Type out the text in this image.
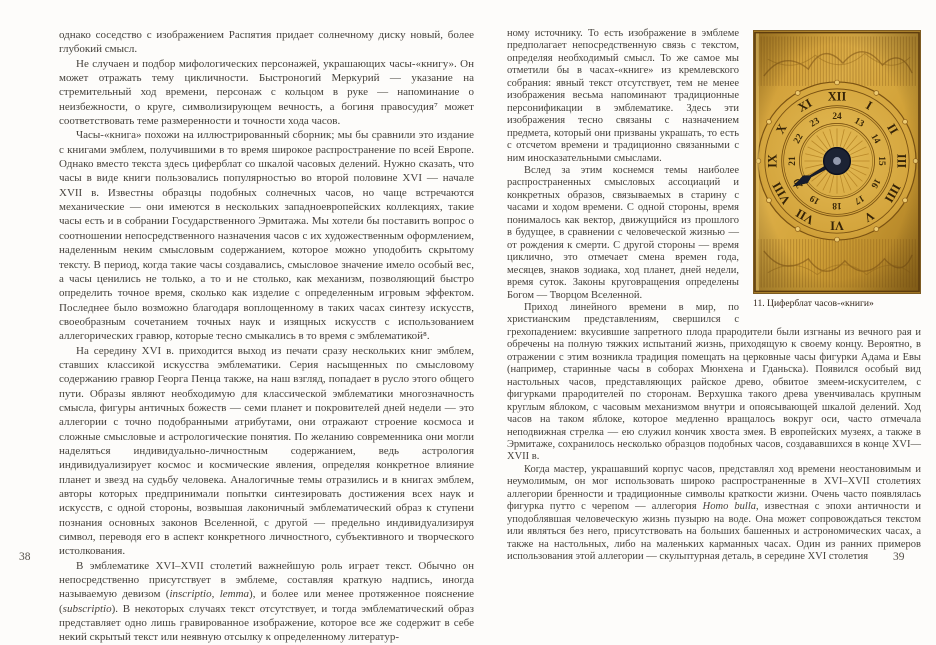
однако соседство с изображением Распятия придает солнечному диску новый, более глубокий смысл.

Не случаен и подбор мифологических персонажей, украшающих часы-«книгу». Он может отражать тему цикличности. Быстроногий Меркурий — указание на стремительный ход времени, персонаж с кольцом в руке — напоминание о неизбежности, о круге, символизирующем вечность, а богиня правосудия⁷ может соответствовать теме размеренности и точности хода часов.

Часы-«книга» похожи на иллюстрированный сборник; мы бы сравнили это издание с книгами эмблем, получившими в то время широкое распространение по всей Европе. Однако вместо текста здесь циферблат со шкалой часовых делений. Нужно сказать, что часы в виде книги пользовались популярностью во второй половине XVI — начале XVII в. Известны образцы подобных солнечных часов, но чаще встречаются механические — они имеются в нескольких западноевропейских коллекциях, такие часы есть и в собрании Государственного Эрмитажа. Мы хотели бы поставить вопрос о соотношении непосредственного назначения часов с их художественным оформлением, наделенным неким смысловым содержанием, которое можно уподобить скрытому тексту. В период, когда такие часы создавались, смысловое значение имело особый вес, а часы ценились не только, а то и не столько, как механизм, позволяющий быстро определить точное время, сколько как изделие с определенным игровым эффектом. Последнее было возможно благодаря воплощенному в таких часах синтезу искусств, своеобразным сочетанием точных наук и изящных искусств с использованием аллегорических гравюр, которые тесно смыкались в то время с эмблематикой⁸.

На середину XVI в. приходится выход из печати сразу нескольких книг эмблем, ставших классикой искусства эмблематики. Серия насыщенных по смысловому содержанию гравюр Георга Пенца также, на наш взгляд, попадает в русло этого общего пути. Образы являют необходимую для классической эмблематики многозначность смысла, фигуры античных божеств — семи планет и покровителей дней недели — это аллегории с точно подобранными атрибутами, они отражают строение космоса и сложные смысловые и астрологические понятия. По желанию современника они могли наделяться индивидуально-личностным содержанием, ведь астрология индивидуализирует космос и космические явления, определяя конкретное влияние планет и звезд на судьбу человека. Аналогичные темы отразились и в книгах эмблем, авторы которых предпринимали попытки синтезировать достижения всех наук и искусств, с одной стороны, возвышая лаконичный эмблематический образ к ступени познания основных законов Вселенной, с другой — предельно индивидуализируя символ, переводя его в аспект конкретного личностного, субъективного и творческого истолкования.

В эмблематике XVI–XVII столетий важнейшую роль играет текст. Обычно он непосредственно присутствует в эмблеме, составляя краткую надпись, иногда называемую девизом (inscriptio, lemma), и более или менее протяженное пояснение (subscriptio). В некоторых случаях текст отсутствует, и тогда эмблематический образ представляет одно лишь гравированное изображение, которое все же содержит в себе некий скрытый текст или неявную отсылку к определенному литератур-

38
11. Циферблат часов-«книги»

ному источнику. То есть изображение в эмблеме предполагает непосредственную связь с текстом, определяя необходимый смысл. То же самое мы отметили бы в часах-«книге» из кремлевского собрания: явный текст отсутствует, тем не менее изображения весьма напоминают традиционные персонификации в эмблематике. Здесь эти изображения тесно связаны с назначением предмета, который они призваны украшать, то есть с отсчетом времени и традиционно связанными с ним иносказательными смыслами.

Вслед за этим коснемся темы наиболее распространенных смысловых ассоциаций и конкретных образов, связываемых в старину с часами и ходом времени. С одной стороны, время понималось как вектор, движущийся из прошлого в будущее, в сравнении с человеческой жизнью — от рождения к смерти. С другой стороны — время циклично, это отмечает смена времен года, месяцев, знаков зодиака, ход планет, дней недели, время суток. Законы круговращения определены Богом — Творцом Вселенной.

Приход линейного времени в мир, по христианским представлениям, свершился с грехопадением: вкусившие запретного плода прародители были изгнаны из вечного рая и обречены на полную тяжких испытаний жизнь, приходящую к своему концу. Вероятно, в отражении с этим возникла традиция помещать на церковные часы фигурки Адама и Евы (например, старинные часы в соборах Мюнхена и Гданьска). Появился особый вид настольных часов, представляющих райское древо, обвитое змеем-искусителем, с фигурками прародителей по сторонам. Верхушка такого древа увенчивалась крупным круглым яблоком, с часовым механизмом внутри и опоясывающей шкалой делений. Ход часов на таком яблоке, которое медленно вращалось вокруг оси, часто отмечала неподвижная стрелка — ею служил кончик хвоста змея. В европейских музеях, а также в Эрмитаже, сохранилось несколько образцов подобных часов, создававшихся в конце XVI—XVII в.

Когда мастер, украшавший корпус часов, представлял ход времени неостановимым и неумолимым, он мог использовать широко распространенные в XVI–XVII столетиях аллегории бренности и традиционные символы краткости жизни. Очень часто появлялась фигурка путто с черепом — аллегория Homo bulla, известная с эпохи античности и уподоблявшая человеческую жизнь пузырю на воде. Она может сопровождаться текстом или являться без него, присутствовать на больших башенных и астрономических часах, а также на настольных, либо на маленьких карманных часах. Один из ранних примеров использования этой аллегории — скульптурная деталь, в середине XVI столетия	39
